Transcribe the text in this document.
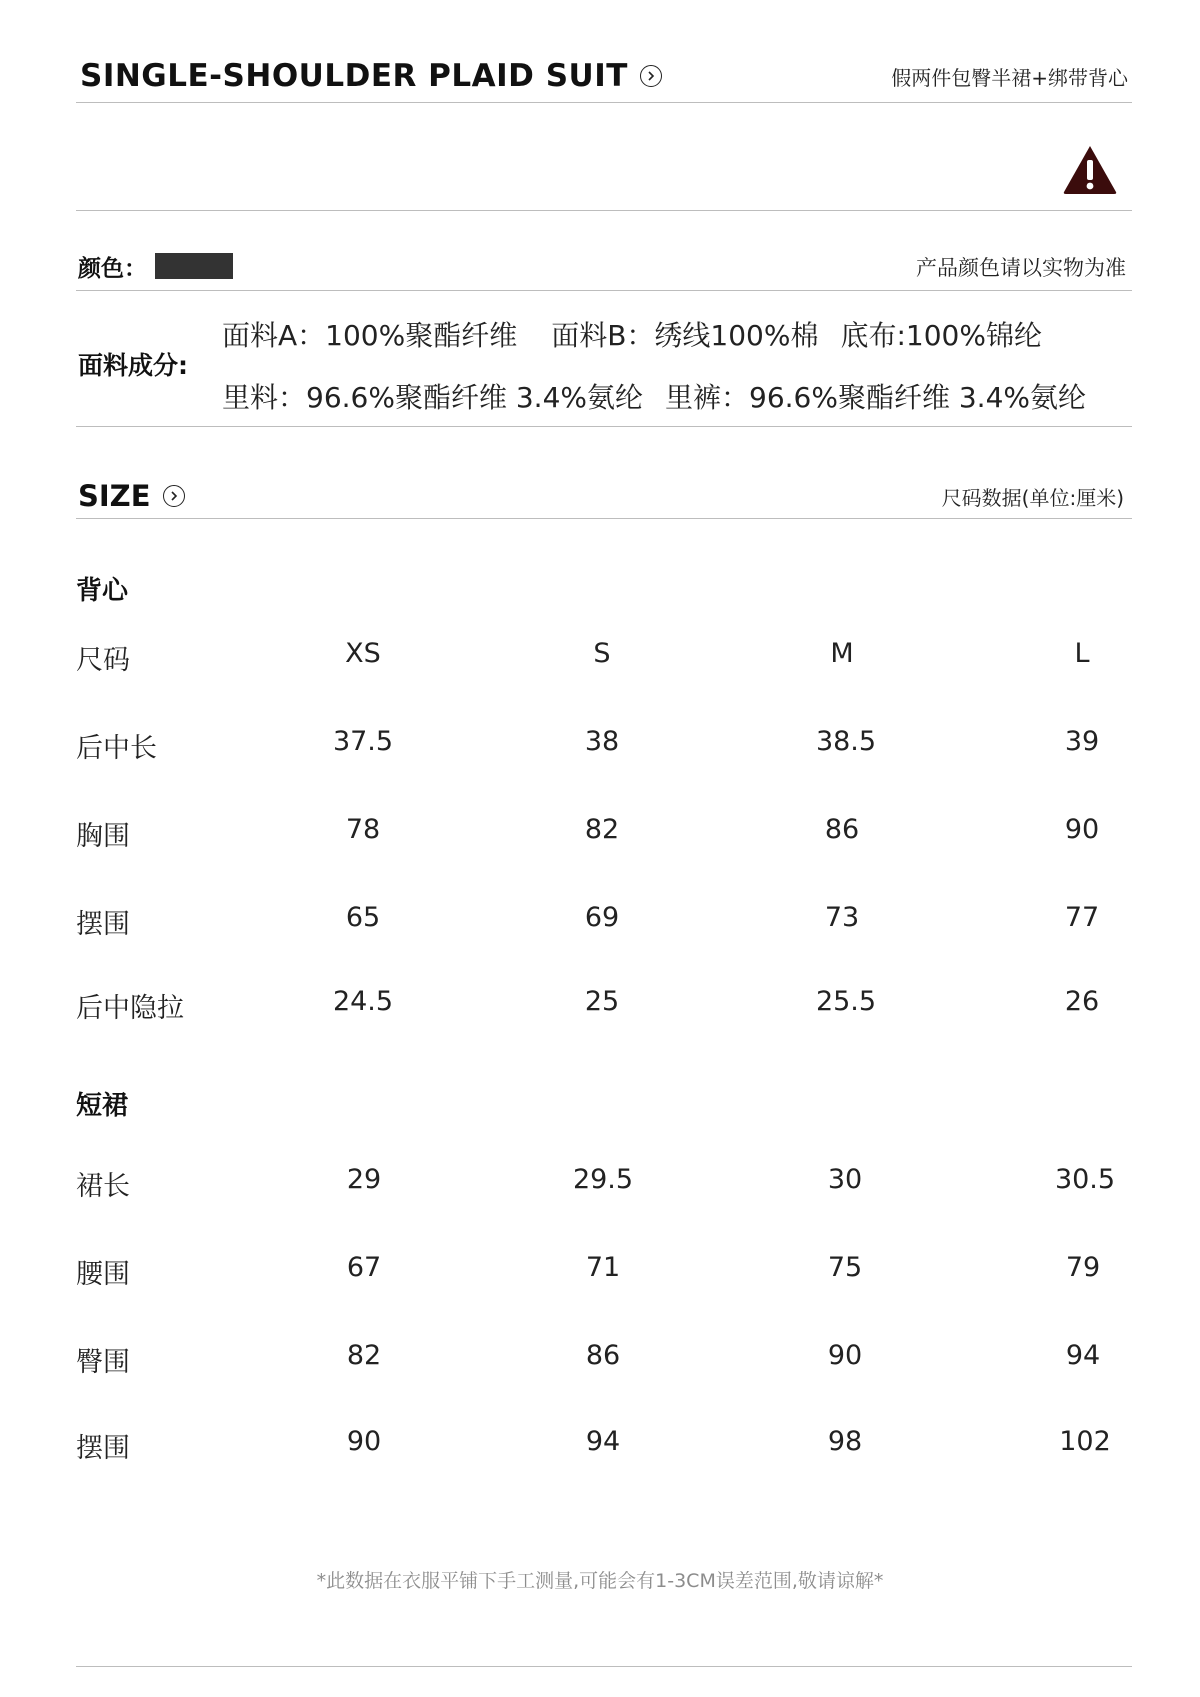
SINGLE-SHOULDER PLAID SUIT	假两件包臀半裙+绑带背心
颜色：	产品颜色请以实物为准
面料成分:
面料A：100%聚酯纤维 面料B：绣线100%棉 底布:100%锦纶
里料：96.6%聚酯纤维 3.4%氨纶 里裤：96.6%聚酯纤维 3.4%氨纶
SIZE	尺码数据(单位:厘米)
背心
尺码	XS	S	M	L
后中长	37.5	38	38.5	39
胸围	78	82	86	90
摆围	65	69	73	77
后中隐拉	24.5	25	25.5	26
短裙
裙长	29	29.5	30	30.5
腰围	67	71	75	79
臀围	82	86	90	94
摆围	90	94	98	102
*此数据在衣服平铺下手工测量,可能会有1-3CM误差范围,敬请谅解*
